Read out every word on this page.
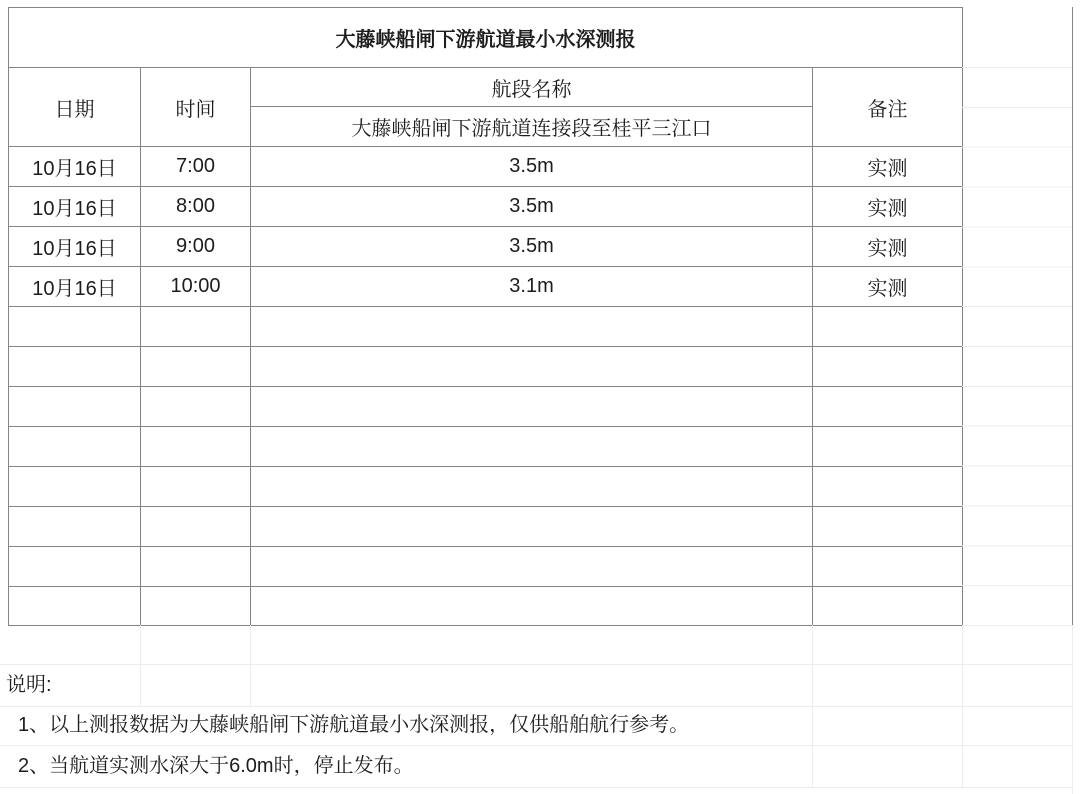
大藤峡船闸下游航道最小水深测报			
日期	时间	航段名称	备注
		大藤峡船闸下游航道连接段至桂平三江口	
10月16日	7:00	3.5m	实测
10月16日	8:00	3.5m	实测
10月16日	9:00	3.5m	实测
10月16日	10:00	3.1m	实测

说明:
1、以上测报数据为大藤峡船闸下游航道最小水深测报，仅供船舶航行参考。
2、当航道实测水深大于6.0m时，停止发布。
